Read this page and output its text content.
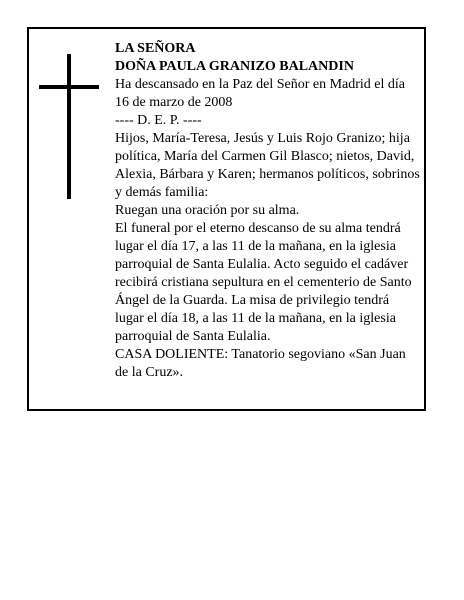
LA SEÑORA

DOÑA PAULA GRANIZO BALANDIN

Ha descansado en la Paz del Señor en Madrid el día 16 de marzo de 2008

---- D. E. P. ----

Hijos, María-Teresa, Jesús y Luis Rojo Granizo; hija política, María del Carmen Gil Blasco; nietos, David, Alexia, Bárbara y Karen; hermanos políticos, sobrinos y demás familia:

Ruegan una oración por su alma.

El funeral por el eterno descanso de su alma tendrá lugar el día 17, a las 11 de la mañana, en la iglesia parroquial de Santa Eulalia. Acto seguido el cadáver recibirá cristiana sepultura en el cementerio de Santo Ángel de la Guarda. La misa de privilegio tendrá lugar el día 18, a las 11 de la mañana, en la iglesia parroquial de Santa Eulalia.

CASA DOLIENTE: Tanatorio segoviano «San Juan de la Cruz».
